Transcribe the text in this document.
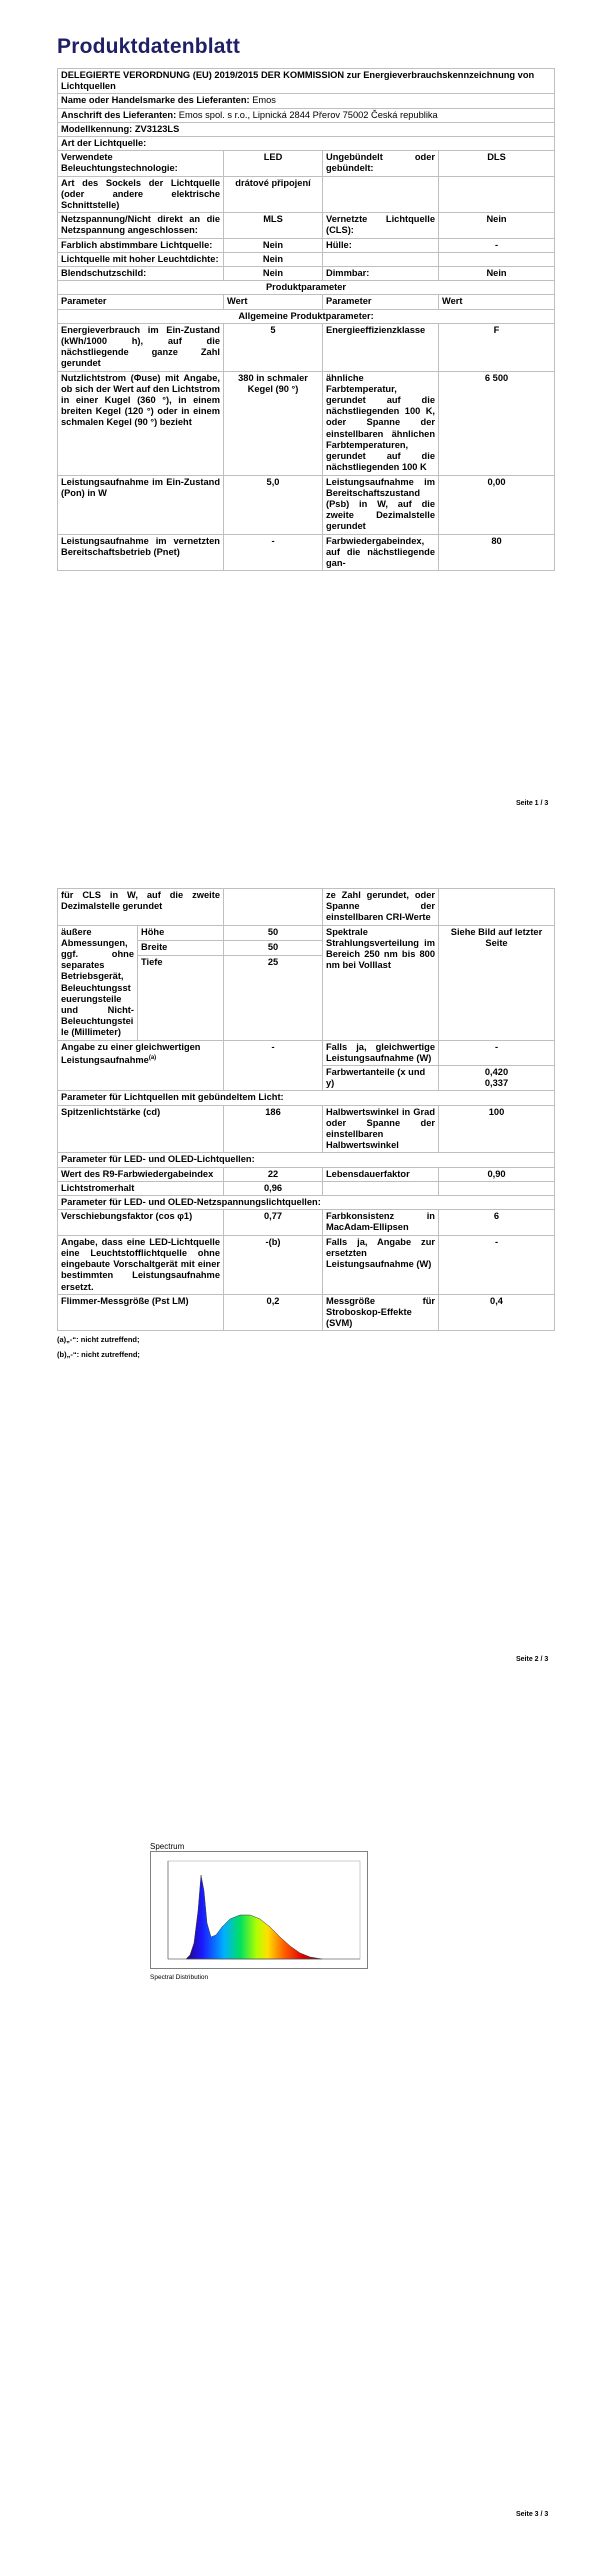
Produktdatenblatt
DELEGIERTE VERORDNUNG (EU) 2019/2015 DER KOMMISSION zur Energieverbrauchskennzeichnung von Lichtquellen			
Name oder Handelsmarke des Lieferanten: Emos			
Anschrift des Lieferanten: Emos spol. s r.o., Lipnická 2844 Přerov 75002 Česká republika			
Modellkennung: ZV3123LS			
Art der Lichtquelle:			
Verwendete Beleuchtungstechnologie:	LED	Ungebündelt oder gebündelt:	DLS
Art des Sockels der Lichtquelle (oder andere elektrische Schnittstelle)	drátové připojení		
Netzspannung/Nicht direkt an die Netzspannung angeschlossen:	MLS	Vernetzte Lichtquelle (CLS):	Nein
Farblich abstimmbare Lichtquelle:	Nein	Hülle:	-
Lichtquelle mit hoher Leuchtdichte:	Nein		
Blendschutzschild:	Nein	Dimmbar:	Nein
Produktparameter			
Parameter	Wert	Parameter	Wert
Allgemeine Produktparameter:			
Energieverbrauch im Ein-Zustand (kWh/1000 h), auf die nächstliegende ganze Zahl gerundet	5	Energieeffizienzklasse	F
Nutzlichtstrom (Φuse) mit Angabe, ob sich der Wert auf den Lichtstrom in einer Kugel (360 °), in einem breiten Kegel (120 °) oder in einem schmalen Kegel (90 °) bezieht	380 in schmaler Kegel (90 °)	ähnliche Farbtemperatur, gerundet auf die nächstliegenden 100 K, oder Spanne der einstellbaren ähnlichen Farbtemperaturen, gerundet auf die nächstliegenden 100 K	6 500
Leistungsaufnahme im Ein-Zustand (Pon) in W	5,0	Leistungsaufnahme im Bereitschaftszustand (Psb) in W, auf die zweite Dezimalstelle gerundet	0,00
Leistungsaufnahme im vernetzten Bereitschaftsbetrieb (Pnet)	-	Farbwiedergabeindex, auf die nächstliegende gan-	80
Seite 1 / 3
für CLS in W, auf die zweite Dezimalstelle gerundet			ze Zahl gerundet, oder Spanne der einstellbaren CRI-Werte	
äußere Abmessungen, ggf. ohne separates Betriebsgerät, Beleuchtungssteuerungsteile und Nicht-Beleuchtungsteile (Millimeter)	Höhe	50	Spektrale Strahlungsverteilung im Bereich 250 nm bis 800 nm bei Volllast	Siehe Bild auf letzter Seite
	Breite	50		
	Tiefe	25		
Angabe zu einer gleichwertigen Leistungsaufnahme$^{(a)}$		-	Falls ja, gleichwertige Leistungsaufnahme (W)	-
			Farbwertanteile (x und y)	0,420
0,337

Parameter für Lichtquellen mit gebündeltem Licht:				
Spitzenlichtstärke (cd)		186	Halbwertswinkel in Grad oder Spanne der einstellbaren Halbwertswinkel	100
Parameter für LED- und OLED-Lichtquellen:				
Wert des R9-Farbwiedergabeindex		22	Lebensdauerfaktor	0,90
Lichtstromerhalt		0,96		
Parameter für LED- und OLED-Netzspannungslichtquellen:				
Verschiebungsfaktor (cos φ1)		0,77	Farbkonsistenz in MacAdam-Ellipsen	6
Angabe, dass eine LED-Lichtquelle eine Leuchtstofflichtquelle ohne eingebaute Vorschaltgerät mit einer bestimmten Leistungsaufnahme ersetzt.		-(b)	Falls ja, Angabe zur ersetzten Leistungsaufnahme (W)	-
Flimmer-Messgröße (Pst LM)		0,2	Messgröße für Stroboskop-Effekte (SVM)	0,4
(a)„-“: nicht zutreffend;
(b)„-“: nicht zutreffend;
Seite 2 / 3
Spectrum
Spectral Distribution
Seite 3 / 3
